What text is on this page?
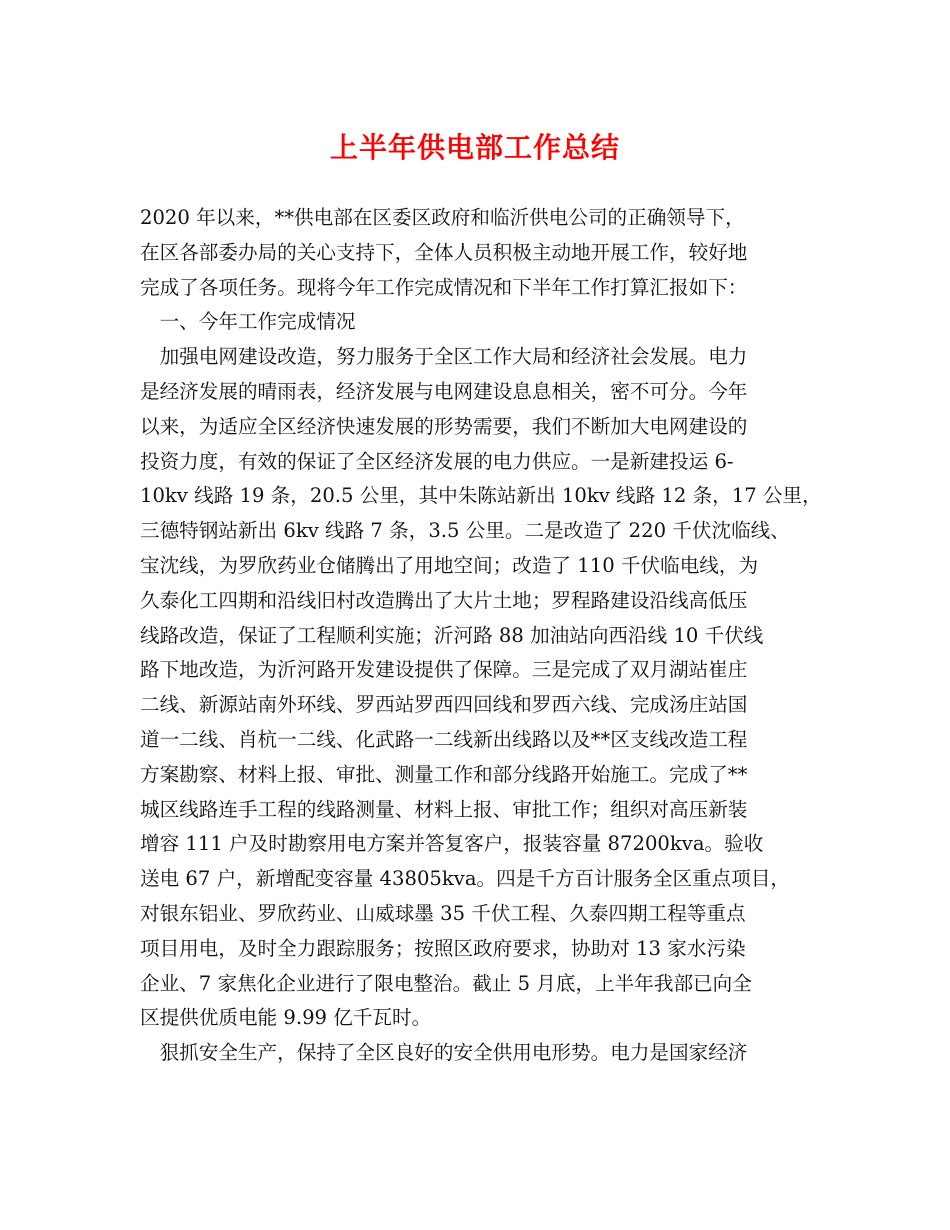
上半年供电部工作总结
2020 年以来，**供电部在区委区政府和临沂供电公司的正确领导下，
在区各部委办局的关心支持下，全体人员积极主动地开展工作，较好地
完成了各项任务。现将今年工作完成情况和下半年工作打算汇报如下：
　一、今年工作完成情况
　加强电网建设改造，努力服务于全区工作大局和经济社会发展。电力
是经济发展的晴雨表，经济发展与电网建设息息相关，密不可分。今年
以来，为适应全区经济快速发展的形势需要，我们不断加大电网建设的
投资力度，有效的保证了全区经济发展的电力供应。一是新建投运 6-
10kv 线路 19 条，20.5 公里，其中朱陈站新出 10kv 线路 12 条，17 公里，
三德特钢站新出 6kv 线路 7 条，3.5 公里。二是改造了 220 千伏沈临线、
宝沈线，为罗欣药业仓储腾出了用地空间；改造了 110 千伏临电线，为
久泰化工四期和沿线旧村改造腾出了大片土地；罗程路建设沿线高低压
线路改造，保证了工程顺利实施；沂河路 88 加油站向西沿线 10 千伏线
路下地改造，为沂河路开发建设提供了保障。三是完成了双月湖站崔庄
二线、新源站南外环线、罗西站罗西四回线和罗西六线、完成汤庄站国
道一二线、肖杭一二线、化武路一二线新出线路以及**区支线改造工程
方案勘察、材料上报、审批、测量工作和部分线路开始施工。完成了**
城区线路连手工程的线路测量、材料上报、审批工作；组织对高压新装
增容 111 户及时勘察用电方案并答复客户，报装容量 87200kva。验收
送电 67 户，新增配变容量 43805kva。四是千方百计服务全区重点项目，
对银东铝业、罗欣药业、山威球墨 35 千伏工程、久泰四期工程等重点
项目用电，及时全力跟踪服务；按照区政府要求，协助对 13 家水污染
企业、7 家焦化企业进行了限电整治。截止 5 月底，上半年我部已向全
区提供优质电能 9.99 亿千瓦时。
　狠抓安全生产，保持了全区良好的安全供用电形势。电力是国家经济
